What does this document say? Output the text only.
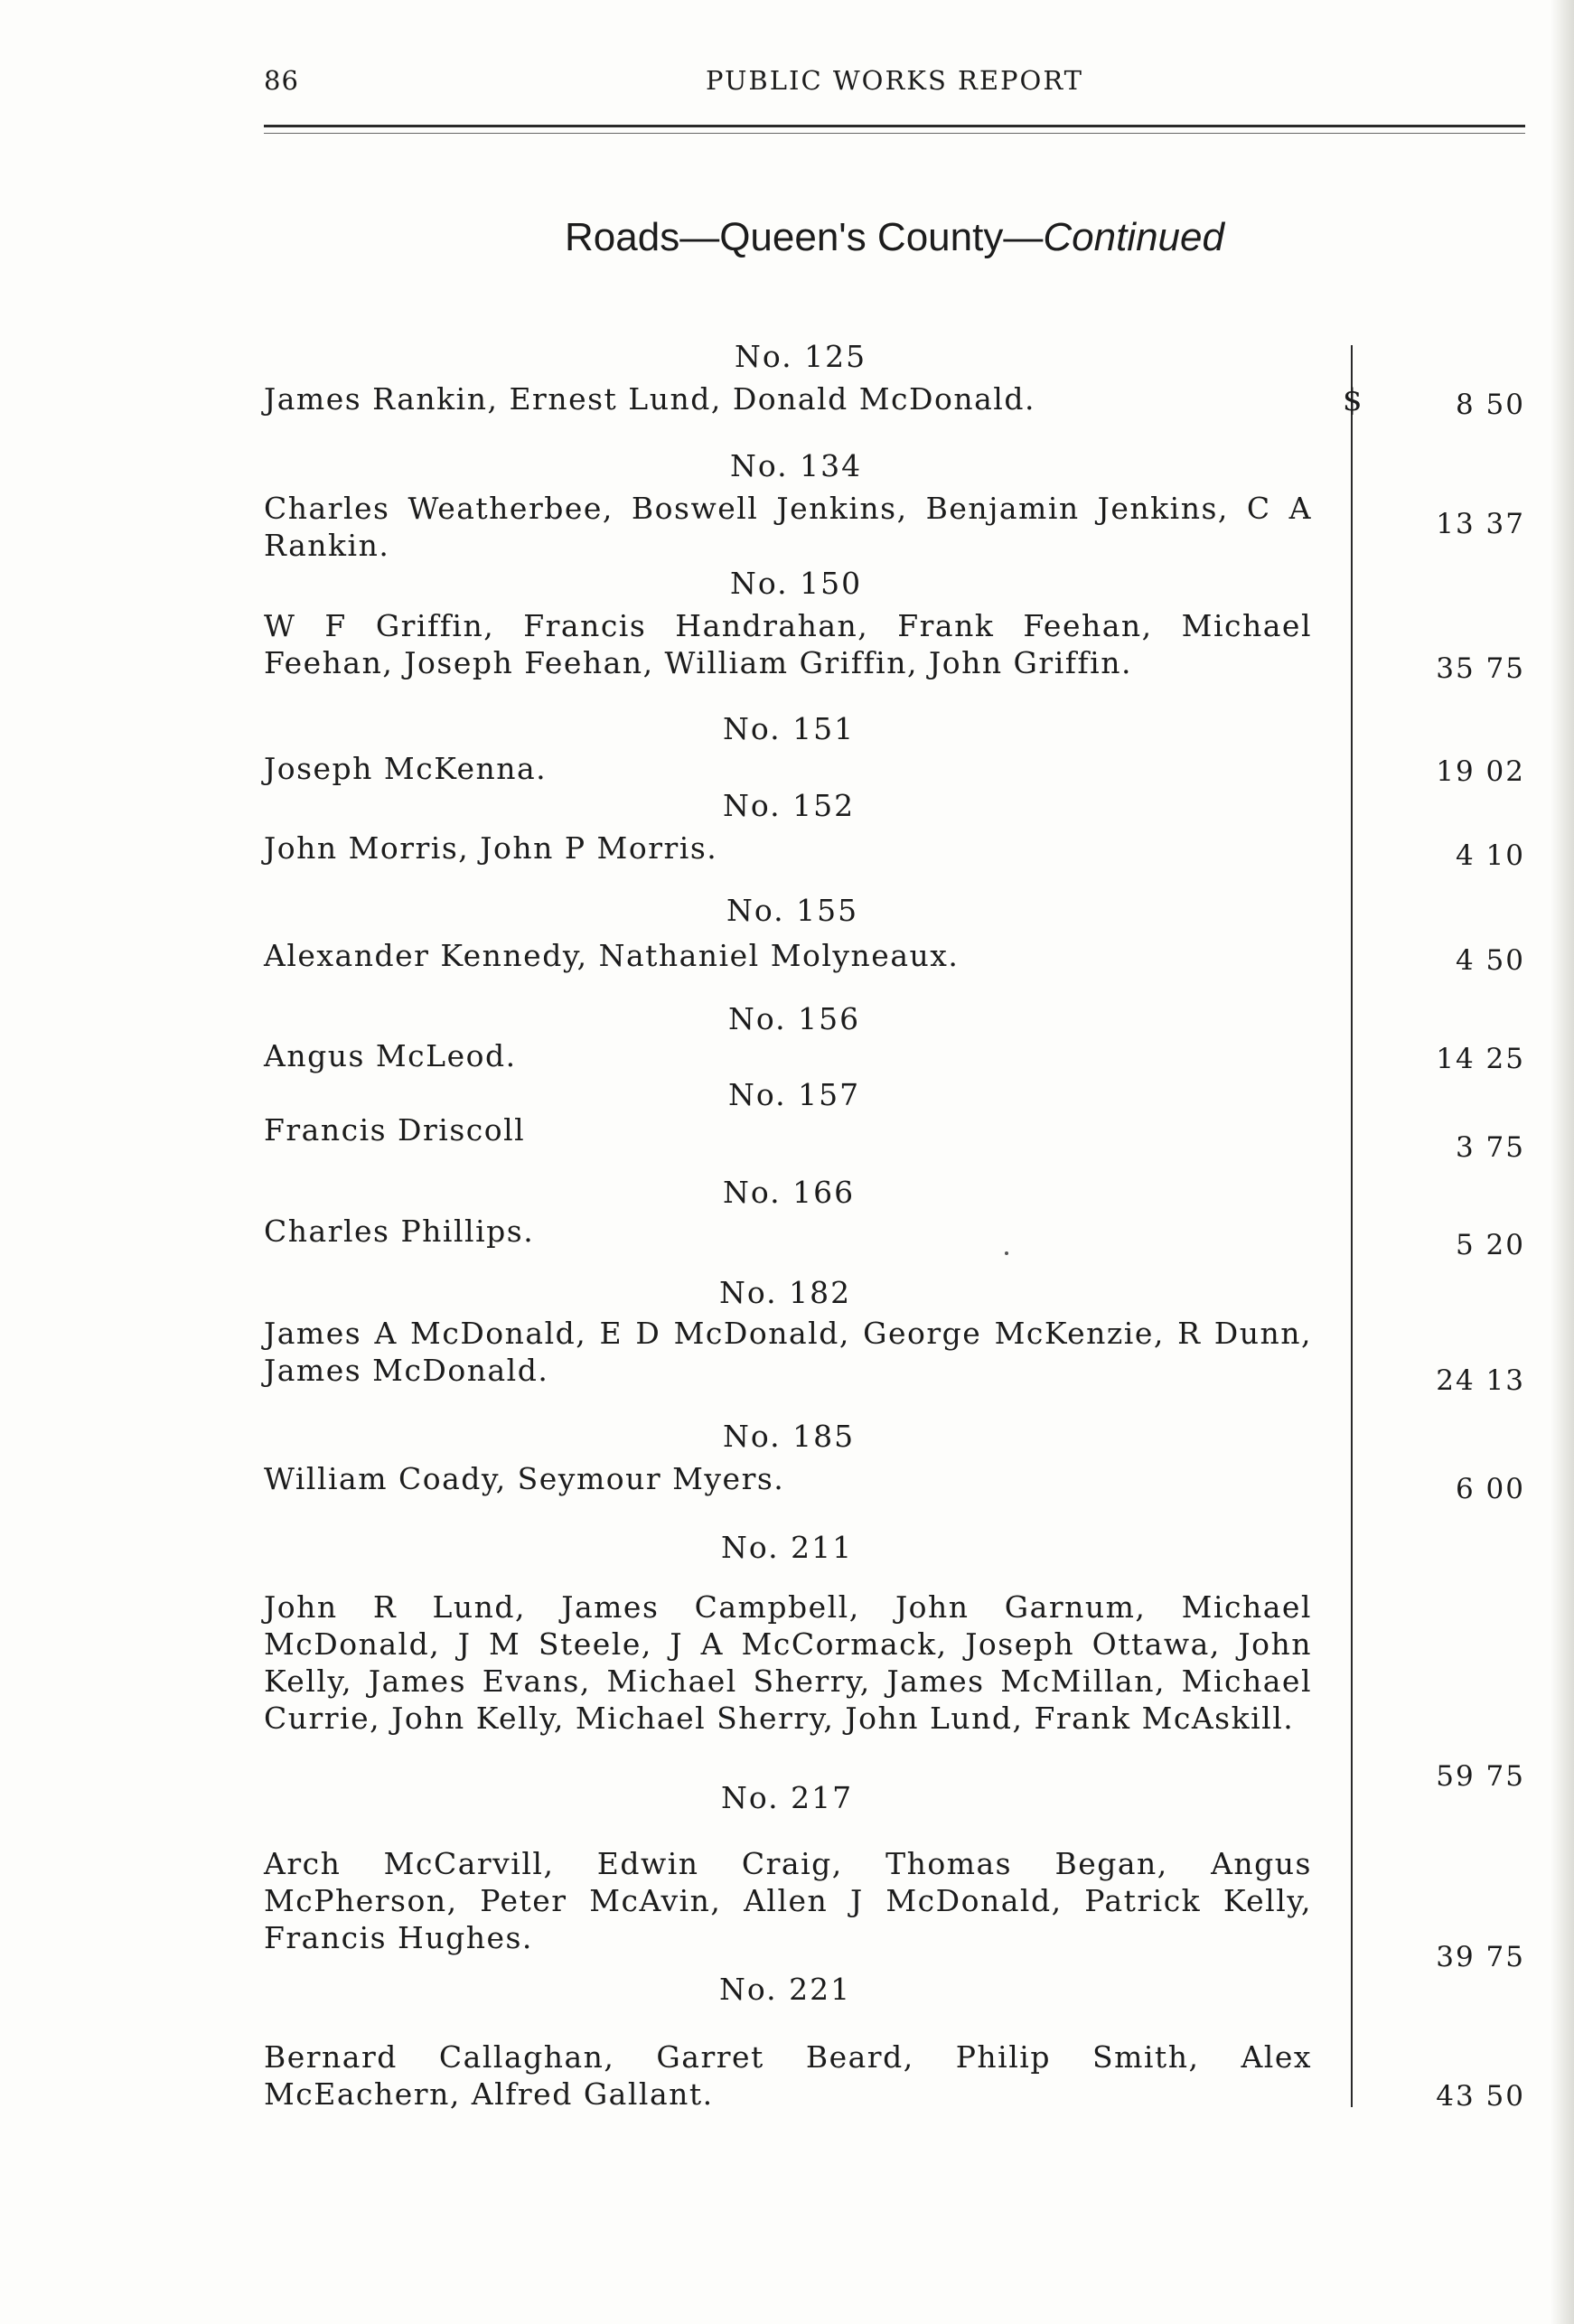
86	PUBLIC WORKS REPORT
Roads—Queen's County—Continued
$
No. 125
James Rankin, Ernest Lund, Donald McDonald.	8 50
No. 134
Charles Weatherbee, Boswell Jenkins, Benjamin Jenkins, C A Rankin.
13 37
No. 150
W F Griffin, Francis Handrahan, Frank Feehan, Michael Feehan, Joseph Feehan, William Griffin, John Griffin.	35 75
No. 151
Joseph McKenna.	19 02
No. 152
John Morris, John P Morris.	4 10
No. 155
Alexander Kennedy, Nathaniel Molyneaux.	4 50
No. 156
Angus McLeod.	14 25
No. 157
Francis Driscoll	3 75
No. 166
Charles Phillips.	5 20
No. 182
James A McDonald, E D McDonald, George McKenzie, R Dunn, James McDonald.	24 13
No. 185
William Coady, Seymour Myers.	6 00
No. 211
John R Lund, James Campbell, John Garnum, Michael McDonald, J M Steele, J A McCormack, Joseph Ottawa, John Kelly, James Evans, Michael Sherry, James McMillan, Michael Currie, John Kelly, Michael Sherry, John Lund, Frank McAskill.
59 75
No. 217
Arch McCarvill, Edwin Craig, Thomas Began, Angus McPherson, Peter McAvin, Allen J McDonald, Patrick Kelly, Francis Hughes.
39 75
No. 221
Bernard Callaghan, Garret Beard, Philip Smith, Alex McEachern, Alfred Gallant.	43 50
